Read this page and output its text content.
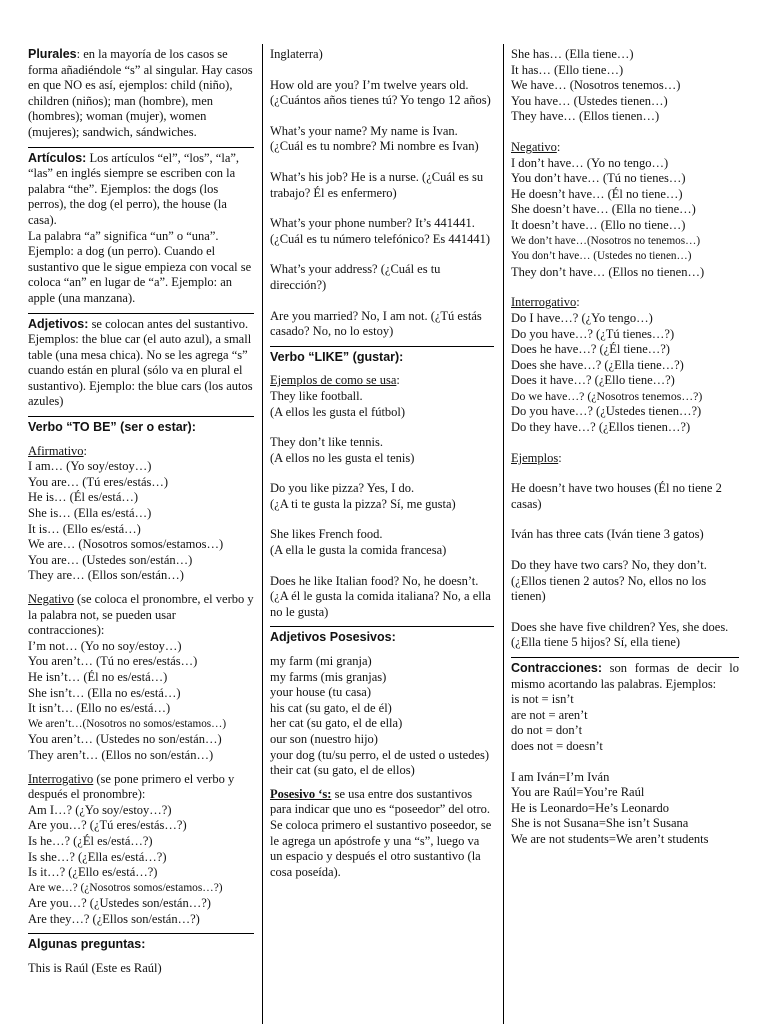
Plurales: en la mayoría de los casos se forma añadiéndole “s” al singular. Hay casos en que NO es así, ejemplos: child (niño), children (niños); man (hombre), men (hombres); woman (mujer), women (mujeres); sandwich, sándwiches.
Artículos: Los artículos “el”, “los”, “la”, “las” en inglés siempre se escriben con la palabra “the”. Ejemplos: the dogs (los perros), the dog (el perro), the house (la casa).
La palabra “a” significa “un” o “una”. Ejemplo: a dog (un perro). Cuando el sustantivo que le sigue empieza con vocal se coloca “an” en lugar de “a”. Ejemplo: an apple (una manzana).
Adjetivos: se colocan antes del sustantivo. Ejemplos: the blue car (el auto azul), a small table (una mesa chica). No se les agrega “s” cuando están en plural (sólo va en plural el sustantivo). Ejemplo: the blue cars (los autos azules)
Verbo “TO BE” (ser o estar):
Afirmativo:
I am… (Yo soy/estoy…)
You are… (Tú eres/estás…)
He is… (Él es/está…)
She is… (Ella es/está…)
It is… (Ello es/está…)
We are… (Nosotros somos/estamos…)
You are… (Ustedes son/están…)
They are… (Ellos son/están…)
Negativo (se coloca el pronombre, el verbo y la palabra not, se pueden usar contracciones):
I’m not… (Yo no soy/estoy…)
You aren’t… (Tú no eres/estás…)
He isn’t… (Él no es/está…)
She isn’t… (Ella no es/está…)
It isn’t… (Ello no es/está…)
We aren’t…(Nosotros no somos/estamos…)
You aren’t… (Ustedes no son/están…)
They aren’t… (Ellos no son/están…)
Interrogativo (se pone primero el verbo y después el pronombre):
Am I…? (¿Yo soy/estoy…?)
Are you…? (¿Tú eres/estás…?)
Is he…? (¿Él es/está…?)
Is she…? (¿Ella es/está…?)
Is it…? (¿Ello es/está…?)
Are we…? (¿Nosotros somos/estamos…?)
Are you…? (¿Ustedes son/están…?)
Are they…? (¿Ellos son/están…?)
Algunas preguntas:
This is Raúl (Este es Raúl)
Inglaterra)
How old are you? I’m twelve years old. (¿Cuántos años tienes tú? Yo tengo 12 años)
What’s your name? My name is Ivan. (¿Cuál es tu nombre? Mi nombre es Ivan)
What’s his job? He is a nurse. (¿Cuál es su trabajo? Él es enfermero)
What’s your phone number? It’s 441441. (¿Cuál es tu número telefónico? Es 441441)
What’s your address? (¿Cuál es tu dirección?)
Are you married? No, I am not. (¿Tú estás casado? No, no lo estoy)
Verbo “LIKE” (gustar):
Ejemplos de como se usa:
They like football.
(A ellos les gusta el fútbol)
They don’t like tennis.
(A ellos no les gusta el tenis)
Do you like pizza? Yes, I do.
(¿A ti te gusta la pizza? Sí, me gusta)
She likes French food.
(A ella le gusta la comida francesa)
Does he like Italian food? No, he doesn’t.
(¿A él le gusta la comida italiana? No, a ella no le gusta)
Adjetivos Posesivos:
my farm (mi granja)
my farms (mis granjas)
your house (tu casa)
his cat (su gato, el de él)
her cat (su gato, el de ella)
our son (nuestro hijo)
your dog (tu/su perro, el de usted o ustedes)
their cat (su gato, el de ellos)
Posesivo ‘s: se usa entre dos sustantivos para indicar que uno es “poseedor” del otro. Se coloca primero el sustantivo poseedor, se le agrega un apóstrofe y una “s”, luego va un espacio y después el otro sustantivo (la cosa poseída).
She has… (Ella tiene…)
It has… (Ello tiene…)
We have… (Nosotros tenemos…)
You have… (Ustedes tienen…)
They have… (Ellos tienen…)
Negativo:
I don’t have… (Yo no tengo…)
You don’t have… (Tú no tienes…)
He doesn’t have… (Él no tiene…)
She doesn’t have… (Ella no tiene…)
It doesn’t have… (Ello no tiene…)
We don’t have…(Nosotros no tenemos…)
You don’t have… (Ustedes no tienen…)
They don’t have… (Ellos no tienen…)
Interrogativo:
Do I have…? (¿Yo tengo…)
Do you have…? (¿Tú tienes…?)
Does he have…? (¿Él tiene…?)
Does she have…? (¿Ella tiene…?)
Does it have…? (¿Ello tiene…?)
Do we have…? (¿Nosotros tenemos…?)
Do you have…? (¿Ustedes tienen…?)
Do they have…? (¿Ellos tienen…?)
Ejemplos:
He doesn’t have two houses (Él no tiene 2 casas)
Iván has three cats (Iván tiene 3 gatos)
Do they have two cars? No, they don’t. (¿Ellos tienen 2 autos? No, ellos no los tienen)
Does she have five children? Yes, she does. (¿Ella tiene 5 hijos? Sí, ella tiene)
Contracciones: son formas de decir lo mismo acortando las palabras. Ejemplos:
is not = isn’t
are not = aren’t
do not = don’t
does not = doesn’t
I am Iván=I’m Iván
You are Raúl=You’re Raúl
He is Leonardo=He’s Leonardo
She is not Susana=She isn’t Susana
We are not students=We aren’t students
